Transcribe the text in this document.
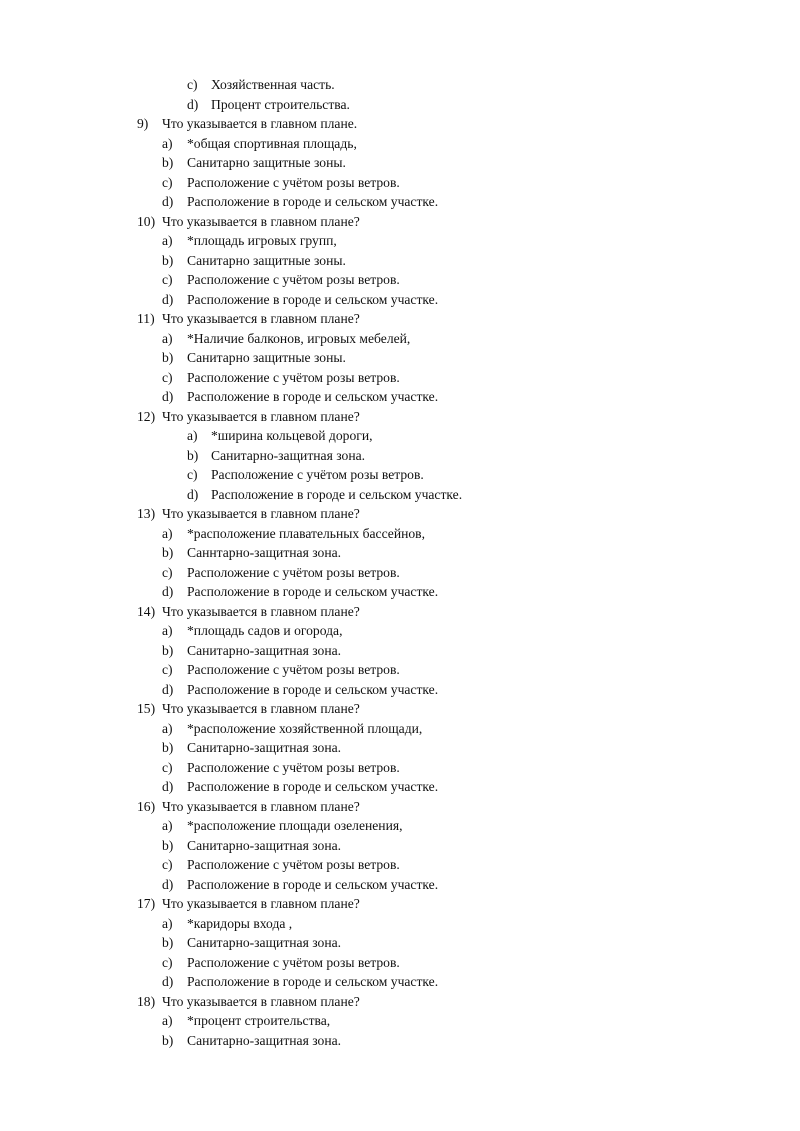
c) Хозяйственная часть.
d) Процент строительства.
9) Что указывается в главном плане.
a) *общая спортивная площадь,
b) Санитарно защитные зоны.
c) Расположение с учётом розы ветров.
d) Расположение в городе и сельском участке.
10) Что указывается в главном плане?
a) *площадь игровых групп,
b) Санитарно защитные зоны.
c) Расположение с учётом розы ветров.
d) Расположение в городе и сельском участке.
11) Что указывается в главном плане?
a) *Наличие балконов, игровых мебелей,
b) Санитарно защитные зоны.
c) Расположение с учётом розы ветров.
d) Расположение в городе и сельском участке.
12) Что указывается в главном плане?
a) *ширина кольцевой дороги,
b) Санитарно-защитная зона.
c) Расположение с учётом розы ветров.
d) Расположение в городе и сельском участке.
13) Что указывается в главном плане?
a) *расположение плавательных бассейнов,
b) Саннтарно-защитная зона.
c) Расположение с учётом розы ветров.
d) Расположение в городе и сельском участке.
14) Что указывается в главном плане?
a) *площадь садов и огорода,
b) Санитарно-защитная зона.
c) Расположение с учётом розы ветров.
d) Расположение в городе и сельском участке.
15) Что указывается в главном плане?
a) *расположение хозяйственной площади,
b) Санитарно-защитная зона.
c) Расположение с учётом розы ветров.
d) Расположение в городе и сельском участке.
16) Что указывается в главном плане?
a) *расположение площади озеленения,
b) Санитарно-защитная зона.
c) Расположение с учётом розы ветров.
d) Расположение в городе и сельском участке.
17) Что указывается в главном плане?
a) *каридоры входа ,
b) Санитарно-защитная зона.
c) Расположение с учётом розы ветров.
d) Расположение в городе и сельском участке.
18) Что указывается в главном плане?
a) *процент строительства,
b) Санитарно-защитная зона.
